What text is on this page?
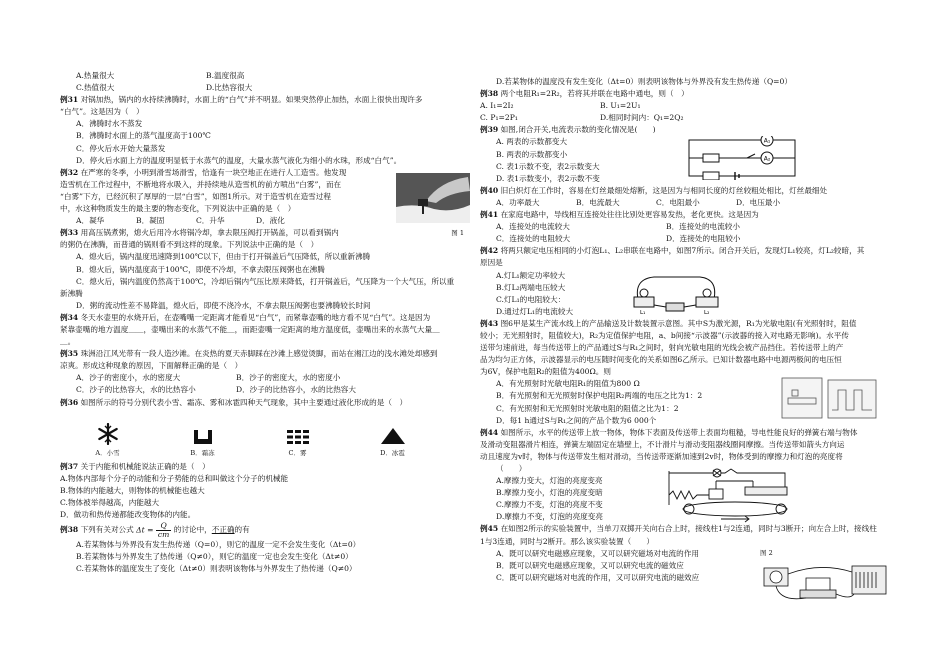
A.热量很大	B.温度很高
C.热值很大	D.比热容很大
例31 对锅加热，锅内的水持续沸腾时，水面上的“白气”并不明显。如果突然停止加热，水面上很快出现许多
“白气”。这是因为（　）
A．沸腾时水不蒸发
B．沸腾时水面上的蒸气温度高于100℃
C．停火后水开始大量蒸发
D．停火后水面上方的温度明显低于水蒸气的温度，大量水蒸气液化为细小的水珠，形成“白气”。
例32 在严寒的冬季，小明到滑雪场滑雪，恰逢有一块空地正在进行人工造雪。他发现
造雪机在工作过程中，不断地将水吸入，并持续地从造雪机的前方喷出“白雾”，而在
“白雾”下方，已经沉积了厚厚的一层“白雪”，如图1所示。对于造雪机在造雪过程
中，水这种物质发生的最主要的物态变化，下列说法中正确的是（　）
A．凝华	B．凝固	C．升华	D．液化
图 1
例33 用高压锅煮粥，熄火后用冷水将锅冷却，拿去限压阀打开锅盖，可以看到锅内
的粥仍在沸腾，而普通的锅则看不到这样的现象。下列说法中正确的是（　）
A．熄火后，锅内温度迅速降到100℃以下，但由于打开锅盖后气压降低，所以重新沸腾
B．熄火后，锅内温度高于100℃，即使不冷却，不拿去限压阀粥也在沸腾
C．熄火后，锅内温度仍然高于100℃，冷却后锅内气压比原来降低，打开锅盖后，气压降为一个大气压，所以重
新沸腾
D．粥的流动性差不易降温，熄火后，即使不浇冷水，不拿去限压阀粥也要沸腾较长时间
例34 冬天水壶里的水烧开后，在壶嘴嘴一定距离才能看见“白气”，而紧靠壶嘴的地方看不见“白气”。这是因为
紧靠壶嘴的地方温度＿＿，壶嘴出来的水蒸气不能＿，而距壶嘴一定距离的地方温度低，壶嘴出来的水蒸气大量＿
＿。
例35 珠洲沿江风光带有一段人造沙滩。在炎热的夏天赤脚踩在沙滩上感觉烫脚，而站在湘江边的浅水滩处却感到
凉爽。形成这种现象的原因，下面解释正确的是（　）
A．沙子的密度小，水的密度大	B．沙子的密度大，水的密度小
C．沙子的比热容大，水的比热容小	D．沙子的比热容小，水的比热容大
例36 如图所示的符号分别代表小雪、霜冻、雾和冰雹四种天气现象，其中主要通过液化形成的是（　）
A．小雪	B．霜冻	C．雾	D．冰雹
例37 关于内能和机械能说法正确的是（　）
A.物体内部每个分子的动能和分子势能的总和叫做这个分子的机械能
B.物体的内能越大，则物体的机械能也越大
C.物体被举得越高，内能越大
D．做功和热传递都能改变物体的内能。
例38 下列有关对公式 $\Delta t = \frac{Q}{cm}$ 的讨论中，不正确的有
A.若某物体与外界没有发生热传递（Q=0），则它的温度一定不会发生变化（Δt=0）
B.若某物体与外界发生了热传递（Q≠0），则它的温度一定也会发生变化（Δt≠0）
C.若某物体的温度发生了变化（Δt≠0）则表明该物体与外界发生了热传递（Q≠0）
D.若某物体的温度没有发生变化（Δt=0）则表明该物体与外界没有发生热传递（Q=0）
例38 两个电阻R₁=2R₂，若将其并联在电路中通电，则（　）
A. I₁=2I₂	B. U₁=2U₁
C. P₁=2P₁	D.相同时间内：Q₁=2Q₂
例39 如图,闭合开关,电流表示数的变化情况是(　　)
A. 两表的示数都变大
B. 两表的示数都变小
C. 表1示数不变，表2示数变大
D. 表1示数变小，表2示数不变
A₁
A₂
例40 旧白炽灯在工作时，容易在灯丝最细处熔断，这是因为与相同长度的灯丝较粗处相比，灯丝最细处
A．功率最大	B．电流最大	C．电阻最小	D．电压最小
例41 在家庭电路中，导线相互连接处往往比别处更容易发热，老化更快。这是因为
A．连接处的电流较大	B．连接处的电流较小
C．连接处的电阻较大	D．连接处的电阻较小
例42 将两只额定电压相同的小灯泡L₁、L₂串联在电路中，如图7所示。闭合开关后，发现灯L₁较亮，灯L₂较暗，其
原因是
A.灯L₁额定功率较大
B.灯L₂两端电压较大
C.灯L₁的电阻较大：
D.通过灯L₁的电流较大	L₁	L₂
例43 图6甲是某生产流水线上的产品输送及计数装置示意图。其中S为激光源，R₁为光敏电阻(有光照射时，阻值
较小；无光照射时，阻值较大)，R₂为定值保护电阻，a、b间接“示波器”(示波器的接入对电路无影响)。水平传
送带匀速前进，每当传送带上的产品通过S与R₁之间时，射向光敏电阻的光线会被产品挡住。若传送带上的产
品为均匀正方体，示波器显示的电压随时间变化的关系如图6乙所示。已知计数器电路中电源两极间的电压恒
为6V，保护电阻R₂的阻值为400Ω。则
A．有光照射时光敏电阻R₁的阻值为800 Ω
B．有光照射和无光照射时保护电阻R₂两端的电压之比为1：2
C．有光照射和无光照射时光敏电阻的阻值之比为1：2
D．每1 h通过S与R₁之间的产品个数为6 000个
例44 如图所示，水平的传送带上放一物体，物体下表面及传送带上表面均粗糙，导电性能良好的弹簧右端与物体
及滑动变阻器滑片相连，弹簧左端固定在墙壁上，不计滑片与滑动变阻器线圈间摩擦。当传送带如箭头方向运
动且速度为v时，物体与传送带发生相对滑动，当传送带逐渐加速到2v时，物体受到的摩擦力和灯泡的亮度将
（　　）
A.摩擦力变大，灯泡的亮度变亮
B.摩擦力变小，灯泡的亮度变暗
C.摩擦力不变，灯泡的亮度不变
D.摩擦力不变，灯泡的亮度变亮
例45 在如图2所示的实验装置中，当单刀双掷开关向右合上时，接线柱1与2连通，同时与3断开；向左合上时，接线柱
1与3连通，同时与2断开。那么该实验装置（　　）
A．既可以研究电磁感应现象，又可以研究磁场对电流的作用
B．既可以研究电磁感应现象，又可以研究电流的磁效应
C．既可以研究磁场对电流的作用，又可以研究电流的磁效应
图 2
